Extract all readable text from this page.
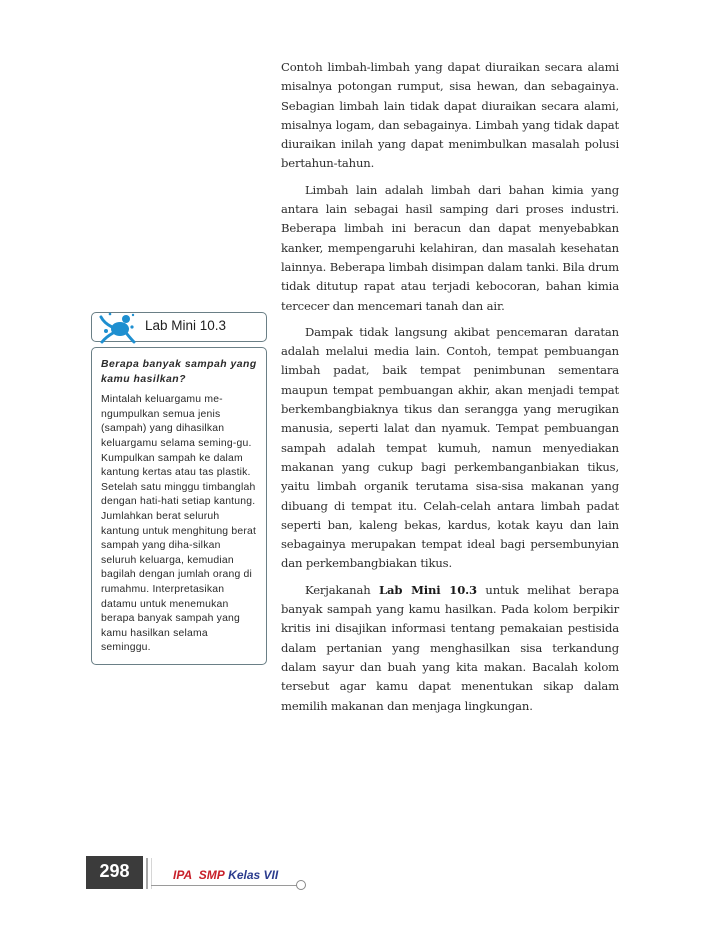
Contoh limbah-limbah yang dapat diuraikan secara alami misalnya potongan rumput, sisa hewan, dan sebagainya. Sebagian limbah lain tidak dapat diuraikan secara alami, misalnya logam, dan sebagainya. Limbah yang tidak dapat diuraikan inilah yang dapat menimbulkan masalah polusi bertahun-tahun.

Limbah lain adalah limbah dari bahan kimia yang antara lain sebagai hasil samping dari proses industri. Beberapa limbah ini beracun dan dapat menyebabkan kanker, mempengaruhi kelahiran, dan masalah kesehatan lainnya. Beberapa limbah disimpan dalam tanki. Bila drum tidak ditutup rapat atau terjadi kebocoran, bahan kimia tercecer dan mencemari tanah dan air.

Dampak tidak langsung akibat pencemaran daratan adalah melalui media lain. Contoh, tempat pembuangan limbah padat, baik tempat penimbunan sementara maupun tempat pembuangan akhir, akan menjadi tempat berkembangbiaknya tikus dan serangga yang merugikan manusia, seperti lalat dan nyamuk. Tempat pembuangan sampah adalah tempat kumuh, namun menyediakan makanan yang cukup bagi perkembanganbiakan tikus, yaitu limbah organik terutama sisa-sisa makanan yang dibuang di tempat itu. Celah-celah antara limbah padat seperti ban, kaleng bekas, kardus, kotak kayu dan lain sebagainya merupakan tempat ideal bagi persembunyian dan perkembangbiakan tikus.

Kerjakanah Lab Mini 10.3 untuk melihat berapa banyak sampah yang kamu hasilkan. Pada kolom berpikir kritis ini disajikan informasi tentang pemakaian pestisida dalam pertanian yang menghasilkan sisa terkandung dalam sayur dan buah yang kita makan. Bacalah kolom tersebut agar kamu dapat menentukan sikap dalam memilih makanan dan menjaga lingkungan.

Lab Mini 10.3
Berapa banyak sampah yang kamu hasilkan?
Mintalah keluargamu me-ngumpulkan semua jenis (sampah) yang dihasilkan keluargamu selama seming-gu. Kumpulkan sampah ke dalam kantung kertas atau tas plastik. Setelah satu minggu timbanglah dengan hati-hati setiap kantung. Jumlahkan berat seluruh kantung untuk menghitung berat sampah yang diha-silkan seluruh keluarga, kemudian bagilah dengan jumlah orang di rumahmu. Interpretasikan datamu untuk menemukan berapa banyak sampah yang kamu hasilkan selama seminggu.
298	IPA SMP Kelas VII
